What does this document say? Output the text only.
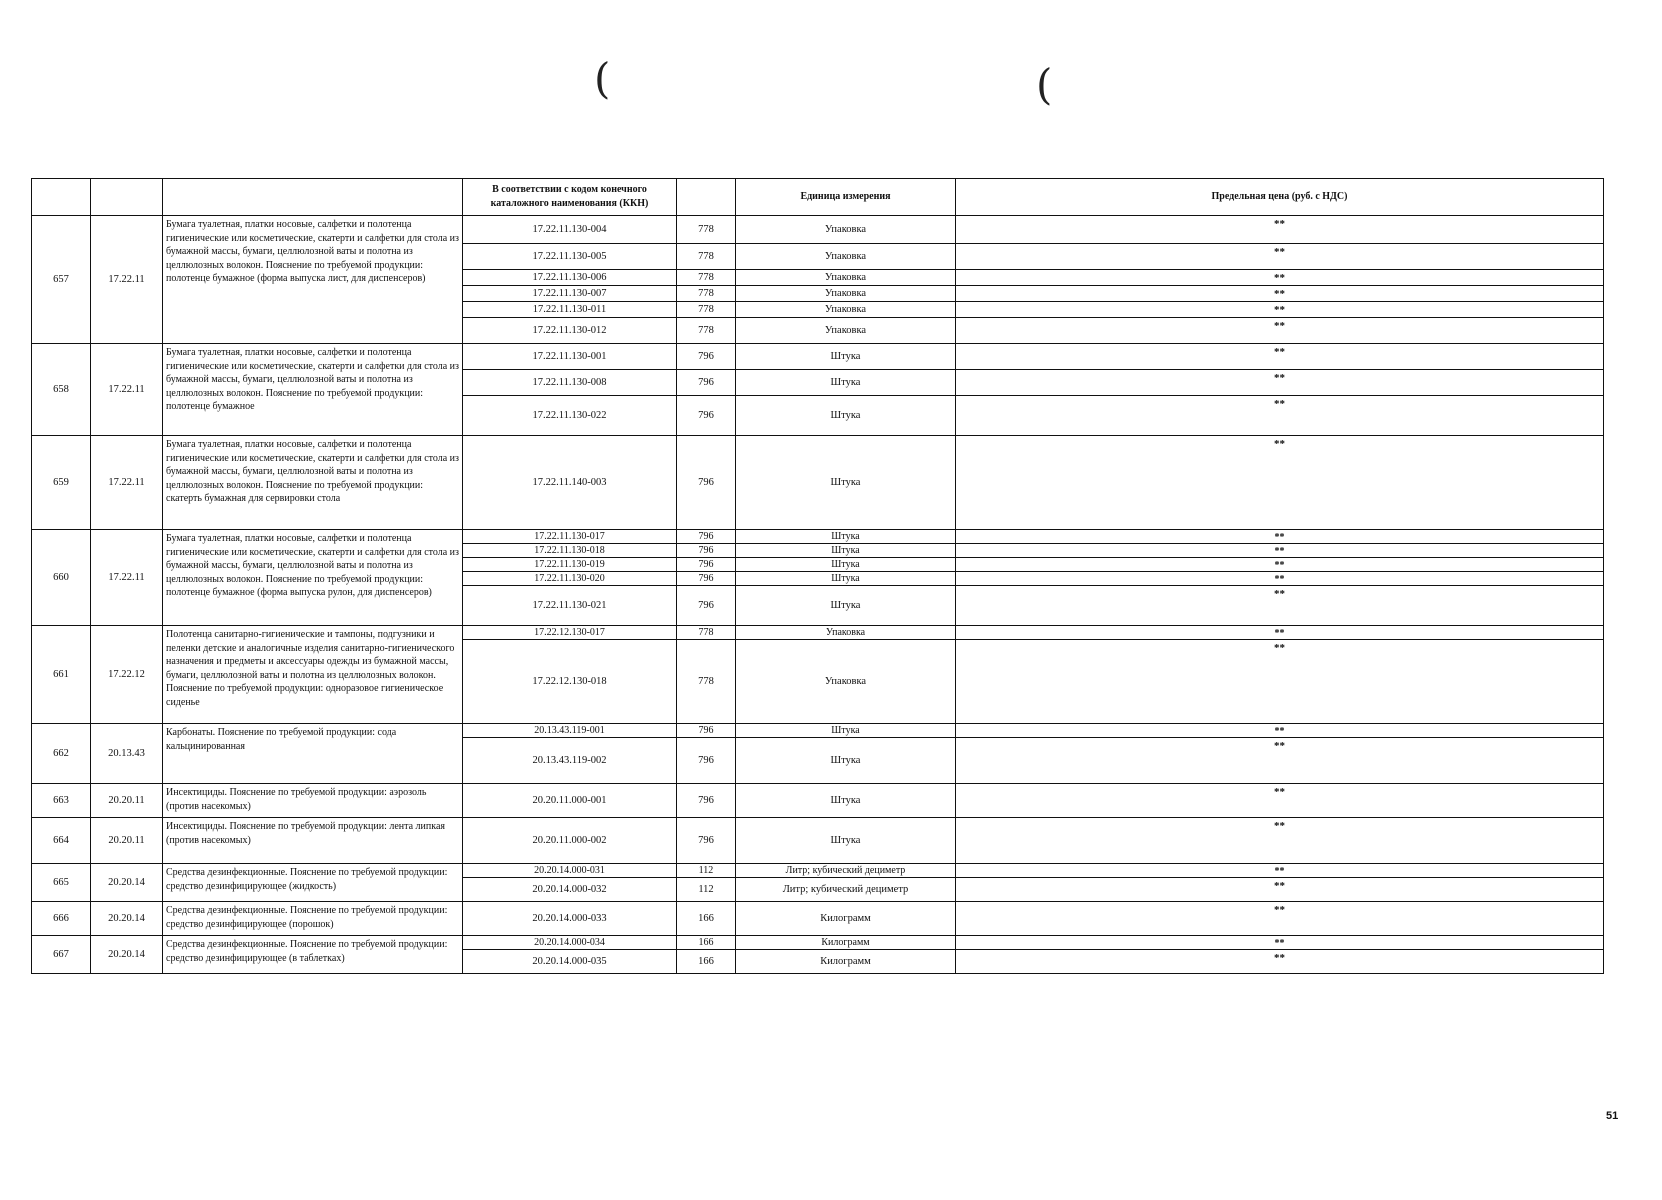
(	(
			В соответствии с кодом конечного каталожного наименования (ККН)		Единица измерения	Предельная цена (руб. с НДС)
657	17.22.11	Бумага туалетная, платки носовые, салфетки и полотенца гигиенические или косметические, скатерти и салфетки для стола из бумажной массы, бумаги, целлюлозной ваты и полотна из целлюлозных волокон. Пояснение по требуемой продукции: полотенце бумажное (форма выпуска лист, для диспенсеров)	17.22.11.130-004	778	Упаковка	**
			17.22.11.130-005	778	Упаковка	**
			17.22.11.130-006	778	Упаковка	**
			17.22.11.130-007	778	Упаковка	**
			17.22.11.130-011	778	Упаковка	**
			17.22.11.130-012	778	Упаковка	**
658	17.22.11	Бумага туалетная, платки носовые, салфетки и полотенца гигиенические или косметические, скатерти и салфетки для стола из бумажной массы, бумаги, целлюлозной ваты и полотна из целлюлозных волокон. Пояснение по требуемой продукции: полотенце бумажное	17.22.11.130-001	796	Штука	**
			17.22.11.130-008	796	Штука	**
			17.22.11.130-022	796	Штука	**
659	17.22.11	Бумага туалетная, платки носовые, салфетки и полотенца гигиенические или косметические, скатерти и салфетки для стола из бумажной массы, бумаги, целлюлозной ваты и полотна из целлюлозных волокон. Пояснение по требуемой продукции: скатерть бумажная для сервировки стола	17.22.11.140-003	796	Штука	**
660	17.22.11	Бумага туалетная, платки носовые, салфетки и полотенца гигиенические или косметические, скатерти и салфетки для стола из бумажной массы, бумаги, целлюлозной ваты и полотна из целлюлозных волокон. Пояснение по требуемой продукции: полотенце бумажное (форма выпуска рулон, для диспенсеров)	17.22.11.130-017	796	Штука	**
			17.22.11.130-018	796	Штука	**
			17.22.11.130-019	796	Штука	**
			17.22.11.130-020	796	Штука	**
			17.22.11.130-021	796	Штука	**
661	17.22.12	Полотенца санитарно-гигиенические и тампоны, подгузники и пеленки детские и аналогичные изделия санитарно-гигиенического назначения и предметы и аксессуары одежды из бумажной массы, бумаги, целлюлозной ваты и полотна из целлюлозных волокон. Пояснение по требуемой продукции: одноразовое гигиеническое сиденье	17.22.12.130-017	778	Упаковка	**
			17.22.12.130-018	778	Упаковка	**
662	20.13.43	Карбонаты. Пояснение по требуемой продукции: сода кальцинированная	20.13.43.119-001	796	Штука	**
			20.13.43.119-002	796	Штука	**
663	20.20.11	Инсектициды. Пояснение по требуемой продукции: аэрозоль (против насекомых)	20.20.11.000-001	796	Штука	**
664	20.20.11	Инсектициды. Пояснение по требуемой продукции: лента липкая (против насекомых)	20.20.11.000-002	796	Штука	**
665	20.20.14	Средства дезинфекционные. Пояснение по требуемой продукции: средство дезинфицирующее (жидкость)	20.20.14.000-031	112	Литр; кубический дециметр	**
			20.20.14.000-032	112	Литр; кубический дециметр	**
666	20.20.14	Средства дезинфекционные. Пояснение по требуемой продукции: средство дезинфицирующее (порошок)	20.20.14.000-033	166	Килограмм	**
667	20.20.14	Средства дезинфекционные. Пояснение по требуемой продукции: средство дезинфицирующее (в таблетках)	20.20.14.000-034	166	Килограмм	**
			20.20.14.000-035	166	Килограмм	**
51
